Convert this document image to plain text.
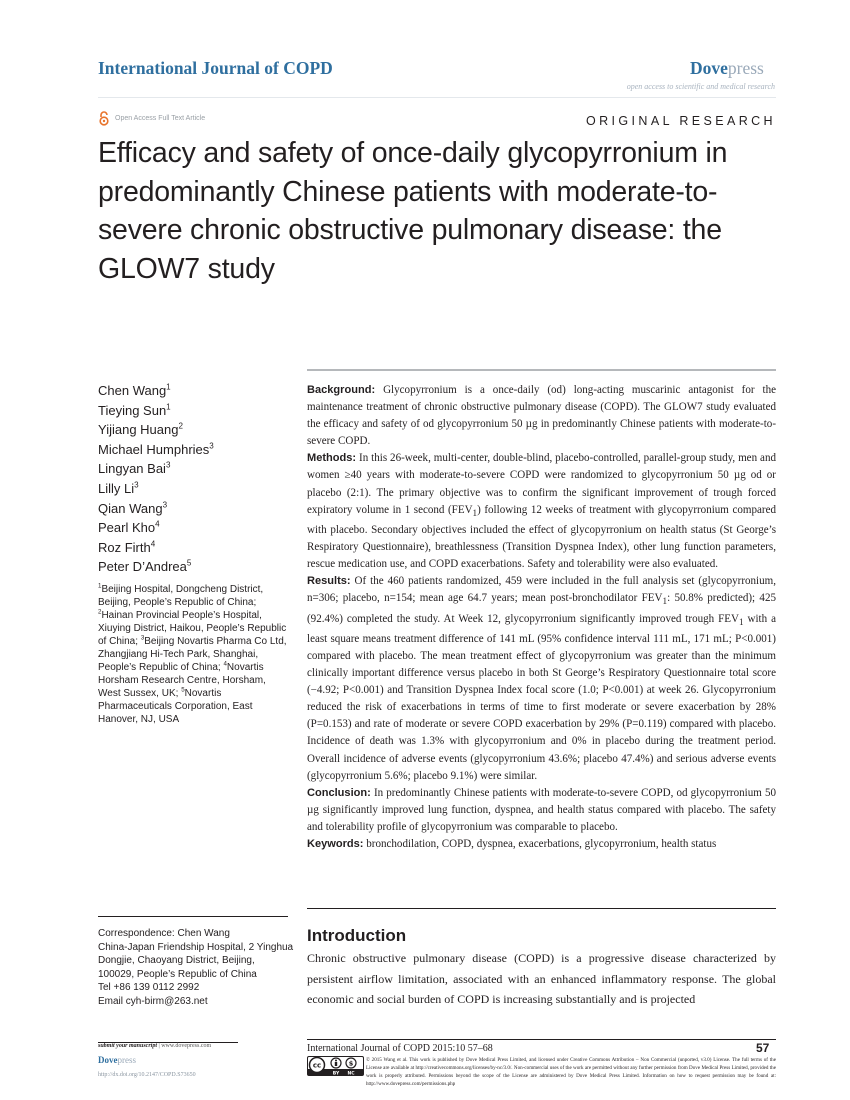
International Journal of COPD	Dovepress
open access to scientific and medical research
Open Access Full Text Article	ORIGINAL RESEARCH
Efficacy and safety of once-daily glycopyrronium in predominantly Chinese patients with moderate-to-severe chronic obstructive pulmonary disease: the GLOW7 study
Chen Wang$^1$
Tieying Sun$^1$
Yijiang Huang$^2$
Michael Humphries$^3$
Lingyan Bai$^3$
Lilly Li$^3$
Qian Wang$^3$
Pearl Kho$^4$
Roz Firth$^4$
Peter D’Andrea$^5$
$^1$Beijing Hospital, Dongcheng District, Beijing, People’s Republic of China; $^2$Hainan Provincial People’s Hospital, Xiuying District, Haikou, People’s Republic of China; $^3$Beijing Novartis Pharma Co Ltd, Zhangjiang Hi-Tech Park, Shanghai, People’s Republic of China; $^4$Novartis Horsham Research Centre, Horsham, West Sussex, UK; $^5$Novartis Pharmaceuticals Corporation, East Hanover, NJ, USA
Correspondence: Chen Wang
China-Japan Friendship Hospital, 2 Yinghua
Dongjie, Chaoyang District, Beijing,
100029, People’s Republic of China
Tel +86 139 0112 2992
Email cyh-birm@263.net

Background: Glycopyrronium is a once-daily (od) long-acting muscarinic antagonist for the maintenance treatment of chronic obstructive pulmonary disease (COPD). The GLOW7 study evaluated the efficacy and safety of od glycopyrronium 50 µg in predominantly Chinese patients with moderate-to-severe COPD.

Methods: In this 26-week, multi-center, double-blind, placebo-controlled, parallel-group study, men and women ≥40 years with moderate-to-severe COPD were randomized to glycopyrronium 50 µg od or placebo (2:1). The primary objective was to confirm the significant improvement of trough forced expiratory volume in 1 second $(FEV_1)$ following 12 weeks of treatment with glycopyrronium compared with placebo. Secondary objectives included the effect of glycopyrronium on health status (St George’s Respiratory Questionnaire), breathlessness (Transition Dyspnea Index), other lung function parameters, rescue medication use, and COPD exacerbations. Safety and tolerability were also evaluated.

Results: Of the 460 patients randomized, 459 were included in the full analysis set (glycopyrronium, n=306; placebo, n=154; mean age 64.7 years; mean post-bronchodilator $FEV_1$: 50.8% predicted); 425 (92.4%) completed the study. At Week 12, glycopyrronium significantly improved trough $FEV_1$ with a least square means treatment difference of 141 mL (95% confidence interval 111 mL, 171 mL; P<0.001) compared with placebo. The mean treatment effect of glycopyrronium was greater than the minimum clinically important difference versus placebo in both St George’s Respiratory Questionnaire total score (−4.92; P<0.001) and Transition Dyspnea Index focal score (1.0; P<0.001) at week 26. Glycopyrronium reduced the risk of exacerbations in terms of time to first moderate or severe exacerbation by 28% (P=0.153) and rate of moderate or severe COPD exacerbation by 29% (P=0.119) compared with placebo. Incidence of death was 1.3% with glycopyrronium and 0% in placebo during the treatment period. Overall incidence of adverse events (glycopyrronium 43.6%; placebo 47.4%) and serious adverse events (glycopyrronium 5.6%; placebo 9.1%) were similar.

Conclusion: In predominantly Chinese patients with moderate-to-severe COPD, od glycopyrronium 50 µg significantly improved lung function, dyspnea, and health status compared with placebo. The safety and tolerability profile of glycopyrronium was comparable to placebo.

Keywords: bronchodilation, COPD, dyspnea, exacerbations, glycopyrronium, health status

Introduction
Chronic obstructive pulmonary disease (COPD) is a progressive disease characterized by persistent airflow limitation, associated with an enhanced inflammatory response. The global economic and social burden of COPD is increasing substantially and is projected
submit your manuscript | www.dovepress.com
Dovepress
http://dx.doi.org/10.2147/COPD.S73650
International Journal of COPD 2015:10 57–68	57
cc	$
BY NC
© 2015 Wang et al. This work is published by Dove Medical Press Limited, and licensed under Creative Commons Attribution – Non Commercial (unported, v3.0) License. The full terms of the License are available at http://creativecommons.org/licenses/by-nc/3.0/. Non-commercial uses of the work are permitted without any further permission from Dove Medical Press Limited, provided the work is properly attributed. Permissions beyond the scope of the License are administered by Dove Medical Press Limited. Information on how to request permission may be found at: http://www.dovepress.com/permissions.php
